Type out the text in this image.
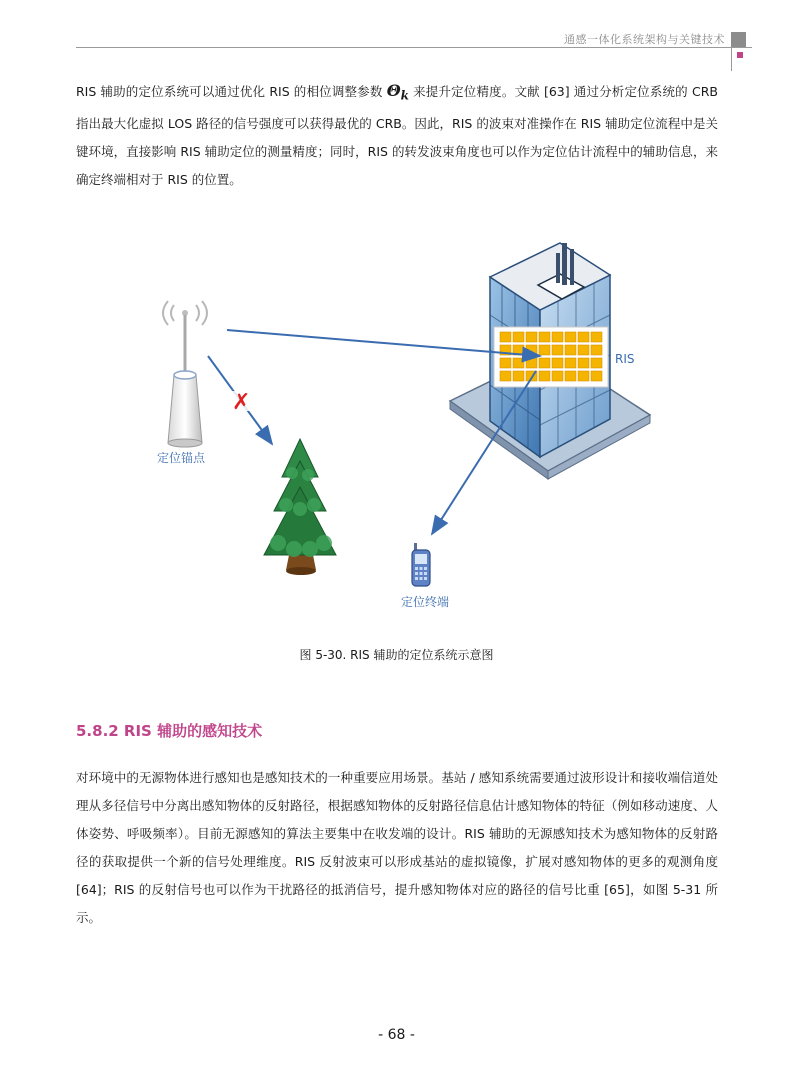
通感一体化系统架构与关键技术

RIS 辅助的定位系统可以通过优化 RIS 的相位调整参数 $\Theta_k$ 来提升定位精度。文献 [63] 通过分析定位系统的 CRB 指出最大化虚拟 LOS 路径的信号强度可以获得最优的 CRB。因此，RIS 的波束对准操作在 RIS 辅助定位流程中是关键环境，直接影响 RIS 辅助定位的测量精度；同时，RIS 的转发波束角度也可以作为定位估计流程中的辅助信息，来确定终端相对于 RIS 的位置。

RIS
定位锚点
定位终端
✗
图 5-30. RIS 辅助的定位系统示意图
5.8.2 RIS 辅助的感知技术

对环境中的无源物体进行感知也是感知技术的一种重要应用场景。基站 / 感知系统需要通过波形设计和接收端信道处理从多径信号中分离出感知物体的反射路径，根据感知物体的反射路径信息估计感知物体的特征（例如移动速度、人体姿势、呼吸频率）。目前无源感知的算法主要集中在收发端的设计。RIS 辅助的无源感知技术为感知物体的反射路径的获取提供一个新的信号处理维度。RIS 反射波束可以形成基站的虚拟镜像，扩展对感知物体的更多的观测角度 [64]；RIS 的反射信号也可以作为干扰路径的抵消信号，提升感知物体对应的路径的信号比重 [65]，如图 5-31 所示。

- 68 -
